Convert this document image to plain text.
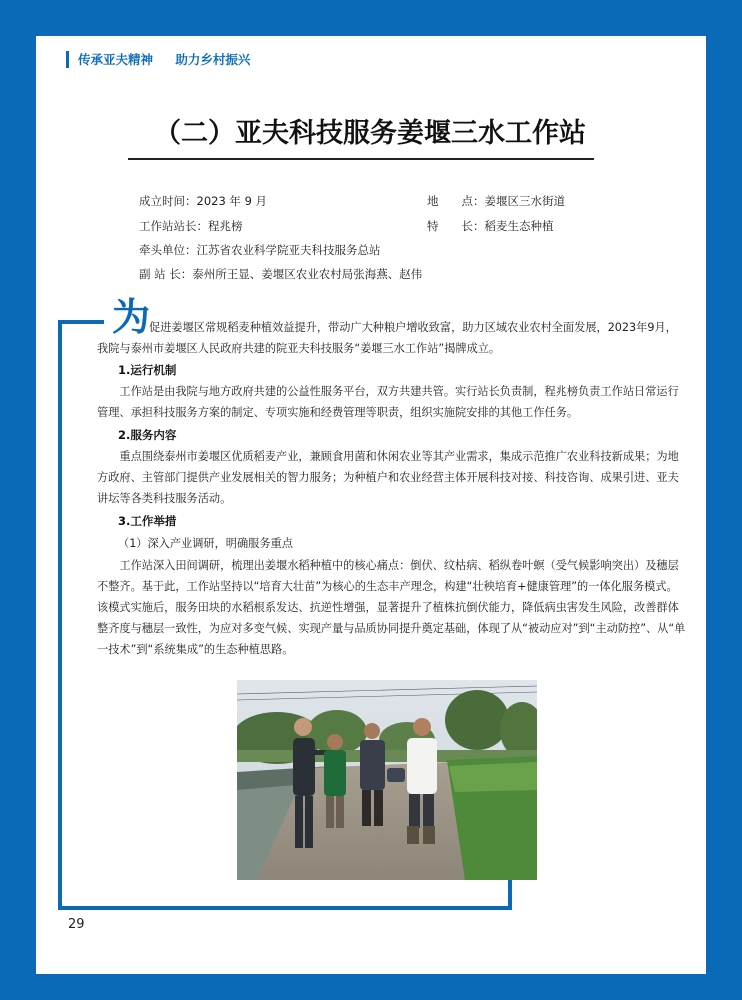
传承亚夫精神 助力乡村振兴
（二）亚夫科技服务姜堰三水工作站
成立时间：2023 年 9 月	地　　点：姜堰区三水街道
工作站站长：程兆榜	特　　长：稻麦生态种植
牵头单位：江苏省农业科学院亚夫科技服务总站
副 站 长：泰州所王显、姜堰区农业农村局张海燕、赵伟
为
促进姜堰区常规稻麦种植效益提升，带动广大种粮户增收致富，助力区域农业农村全面发展，2023年9月，我院与泰州市姜堰区人民政府共建的院亚夫科技服务“姜堰三水工作站”揭牌成立。
1.运行机制
工作站是由我院与地方政府共建的公益性服务平台，双方共建共管。实行站长负责制，程兆榜负责工作站日常运行管理、承担科技服务方案的制定、专项实施和经费管理等职责，组织实施院安排的其他工作任务。
2.服务内容
重点围绕泰州市姜堰区优质稻麦产业，兼顾食用菌和休闲农业等其产业需求，集成示范推广农业科技新成果；为地方政府、主管部门提供产业发展相关的智力服务；为种植户和农业经营主体开展科技对接、科技咨询、成果引进、亚夫讲坛等各类科技服务活动。
3.工作举措
（1）深入产业调研，明确服务重点
工作站深入田间调研，梳理出姜堰水稻种植中的核心痛点：倒伏、纹枯病、稻纵卷叶螟（受气候影响突出）及穗层不整齐。基于此，工作站坚持以“培育大壮苗”为核心的生态丰产理念，构建“壮秧培育+健康管理”的一体化服务模式。该模式实施后，服务田块的水稻根系发达、抗逆性增强，显著提升了植株抗倒伏能力，降低病虫害发生风险，改善群体整齐度与穗层一致性，为应对多变气候、实现产量与品质协同提升奠定基础，体现了从“被动应对”到“主动防控”、从“单一技术”到“系统集成”的生态种植思路。
29
